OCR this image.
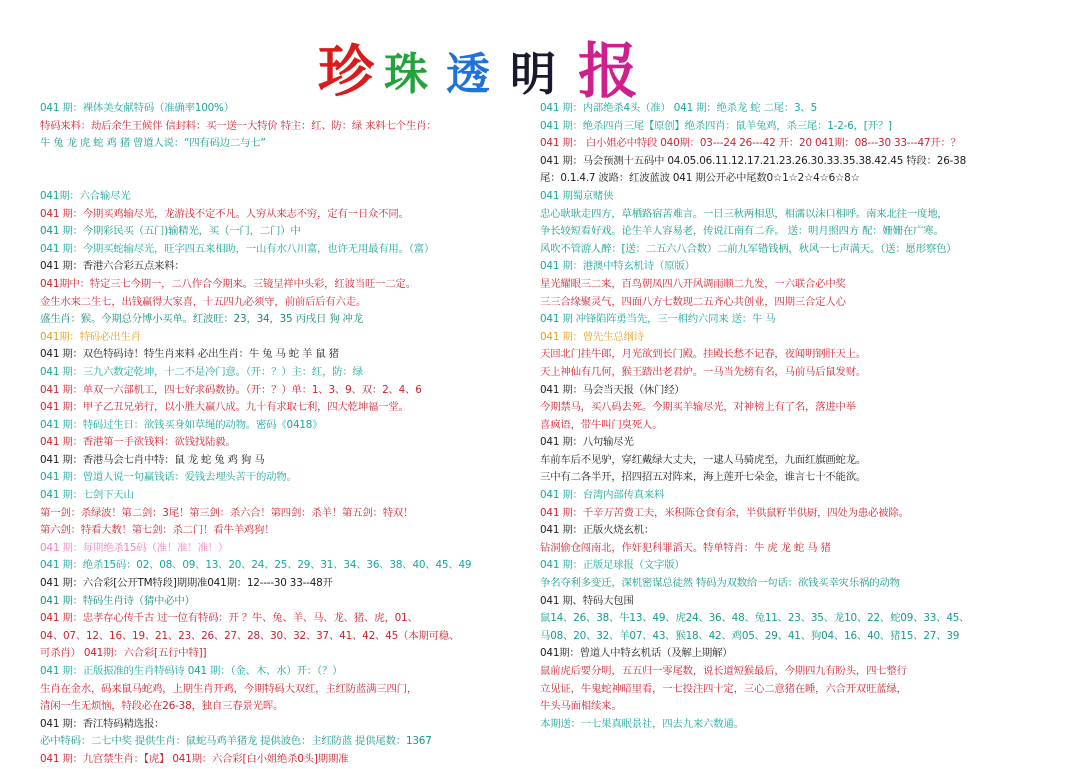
珍 珠 透 明 报
041 期：裸体美女献特码（准确率100%）
特码来料：劫后余生王候伴 信封料：买一送一大特价 特主：红、防：绿 来料七个生肖：
牛 兔 龙 虎 蛇 鸡 猪 曾道人说：“四有码边二与七”
041期：六合输尽光
041 期：今期买鸡输尽光，龙游浅不定不凡。人穷从来志不穷，定有一日众不同。
041 期：今期彩民买（五门)输精光，买（一门，二门）中
041 期：今期买蛇输尽光，旺字四五来相助，一山有水八川富，也许无用最有用。（富）
041 期：香港六合彩五点来料：
041期中：特定三七今期一，二八作合今期来。三镜呈祥中头彩，红波当旺一二定。
金生水来二生七，出钱赢得大家喜，十五四九必须守，前前后后有六走。
盛生肖：猴。今期总分博小买单。红波旺：23，34，35 丙戌日 狗 冲龙
041期：特码必出生肖
041 期：双色特码诗！特生肖来料 必出生肖：牛 兔 马 蛇 羊 鼠 猪
041 期：三九六数定乾坤，十二不是冷门意。（开：？）主：红，防：绿
041 期：单双一六部机工，四七好求码数协。（开：？）单：1、3、9、双：2、4、6
041 期：甲子乙丑兄弟行，以小胜大赢八成。九十有求取七利，四大乾坤福一堂。
041 期：特码过生日：欲钱买身如草绳的动物。密码《0418》
041 期：香港第一手欲钱料：欲钱找陆毅。
041 期：香港马会七肖中特：鼠 龙 蛇 兔 鸡 狗 马
041 期：曾道人说一句赢钱话：爱钱去埋头苦干的动物。
041 期：七剑下天山
第一剑：杀绿波！第二剑：3尾！第三剑：杀六合！第四剑：杀羊！第五剑：特双！
第六剑：特看大数！第七剑：杀二门！看牛羊鸡狗！
041 期：每期绝杀15码（准！准！准！）
041 期：绝杀15码：02、08、09、13、20、24、25、29、31、34、36、38、40、45、49
041 期：六合彩[公开TM特段]期期准041期：12----30 33--48开
041 期：特码生肖诗（猜中必中）
041 期：忠孝存心传千古 过一位有特码：开 ？牛、兔、羊、马、龙、猪、虎，01、
04、07、12、16、19、21、23、26、27、28、30、32、37、41、42、45（本期可稳、
可杀肖） 041期：六合彩[五行中特]]
041 期：正版振准的生肖特码诗 041 期：（金、木、水）开：（？）
生肖在金水，码来鼠马蛇鸡，上期生肖开鸡，今期特码大双红，主红防蓝满三四门，
清闲一生无烦恼，特段必在26-38，独自三春景光晖。
041 期：香江特码精选报：
必中特码：二七中奖 提供生肖：鼠蛇马鸡羊猪龙 提供波色：主红防蓝 提供尾数：1367
041 期：九宫禁生肖：【虎】 041期：六合彩[白小姐绝杀0头]期期准
041 期：内部绝杀4头（准） 041 期：绝杀龙 蛇 二尾：3、5
041 期：绝杀四肖三尾【原创】绝杀四肖：鼠羊兔鸡，杀三尾：1-2-6，[开？]
041 期： 白小姐必中特段 040期：03---24 26---42 开：20 041期：08---30 33---47开：？
041 期：马会预测十五码中 04.05.06.11.12.17.21.23.26.30.33.35.38.42.45 特段：26-38
尾：0.1.4.7 波路：红波蓝波 041 期公开必中尾数0☆1☆2☆4☆6☆8☆
041 期蜀京赌侠
忠心耿耿走四方，草栖路宿苦难言。一日三秋两相思，相濡以沫口相呼。南来北往一度地，
争长较短看好戏。论生羊人容易老，传说江南有二乔。 送：明月照四方 配：姗姗在广寒。
风吹不管游人醉：[送：二五六八合数）二前九军错钱柄，秋风一七声满天。（送：愿形察色）
041 期：港澳中特玄机诗（原版）
星光耀眼三二来，百鸟朝凤四八开风调雨顺二九发，一六联合必中奖
三三合缘聚灵气，四面八方七数现二五齐心共创业，四期三合定人心
041 期 冲锋陷阵勇当先，三一相约六同来 送：牛 马
041 期：曾先生总纲诗
天回北门挂牛郎，月光欲到长门殿。挂殿长愁不记春，夜闻明钢肝天上。
天上神仙有几何，猴王踏出老君炉。一马当先榜有名，马前马后鼠发财。
041 期：马会当天报（休门经）
今期禁马，买八码去死。今期买羊输尽光，对神榜上有了名，落进中举
喜疯语，带牛叫门臭死人。
041 期：八句输尽光
车前车后不见驴，穿红戴绿大丈夫，一逮人马骑虎至，九面红旗画蛇龙。
三中有二各半开，招四招五对阵来，海上莲开七朵金，谁言七十不能欲。
041 期：台湾内部传真来料
041 期：千辛万苦费工夫，米积陈仓食有余，半供鼠籽半供厨，四处为患必被除。
041 期：正版火烧玄机：
钻洞偷仓闯南北，作奸犯科罪滔天。特单特肖：牛 虎 龙 蛇 马 猪
041 期：正版足球报（文字版）
争名夺利多变迁，深机密谋总徒然 特码为双数给一句话：欲钱买幸灾乐祸的动物
041 期、特码大包围
鼠14、26、38、牛13、49、虎24、36、48、兔11、23、35、龙10、22、蛇09、33、45、
马08、20、32、羊07、43、猴18、42、鸡05、29、41、狗04、16、40、猪15、27、39
041期：曾道人中特玄机话（及解上期解）
鼠前虎后要分明，五五归一零尾数，说长道短猴最后，今期四九有盼头，四七整行
立见证，牛鬼蛇神暗里看，一七投注四十定，三心二意猪在睡，六合开双旺蓝绿，
牛头马面相续来。
本期送：一七果真眠景社，四去九来六数通。
